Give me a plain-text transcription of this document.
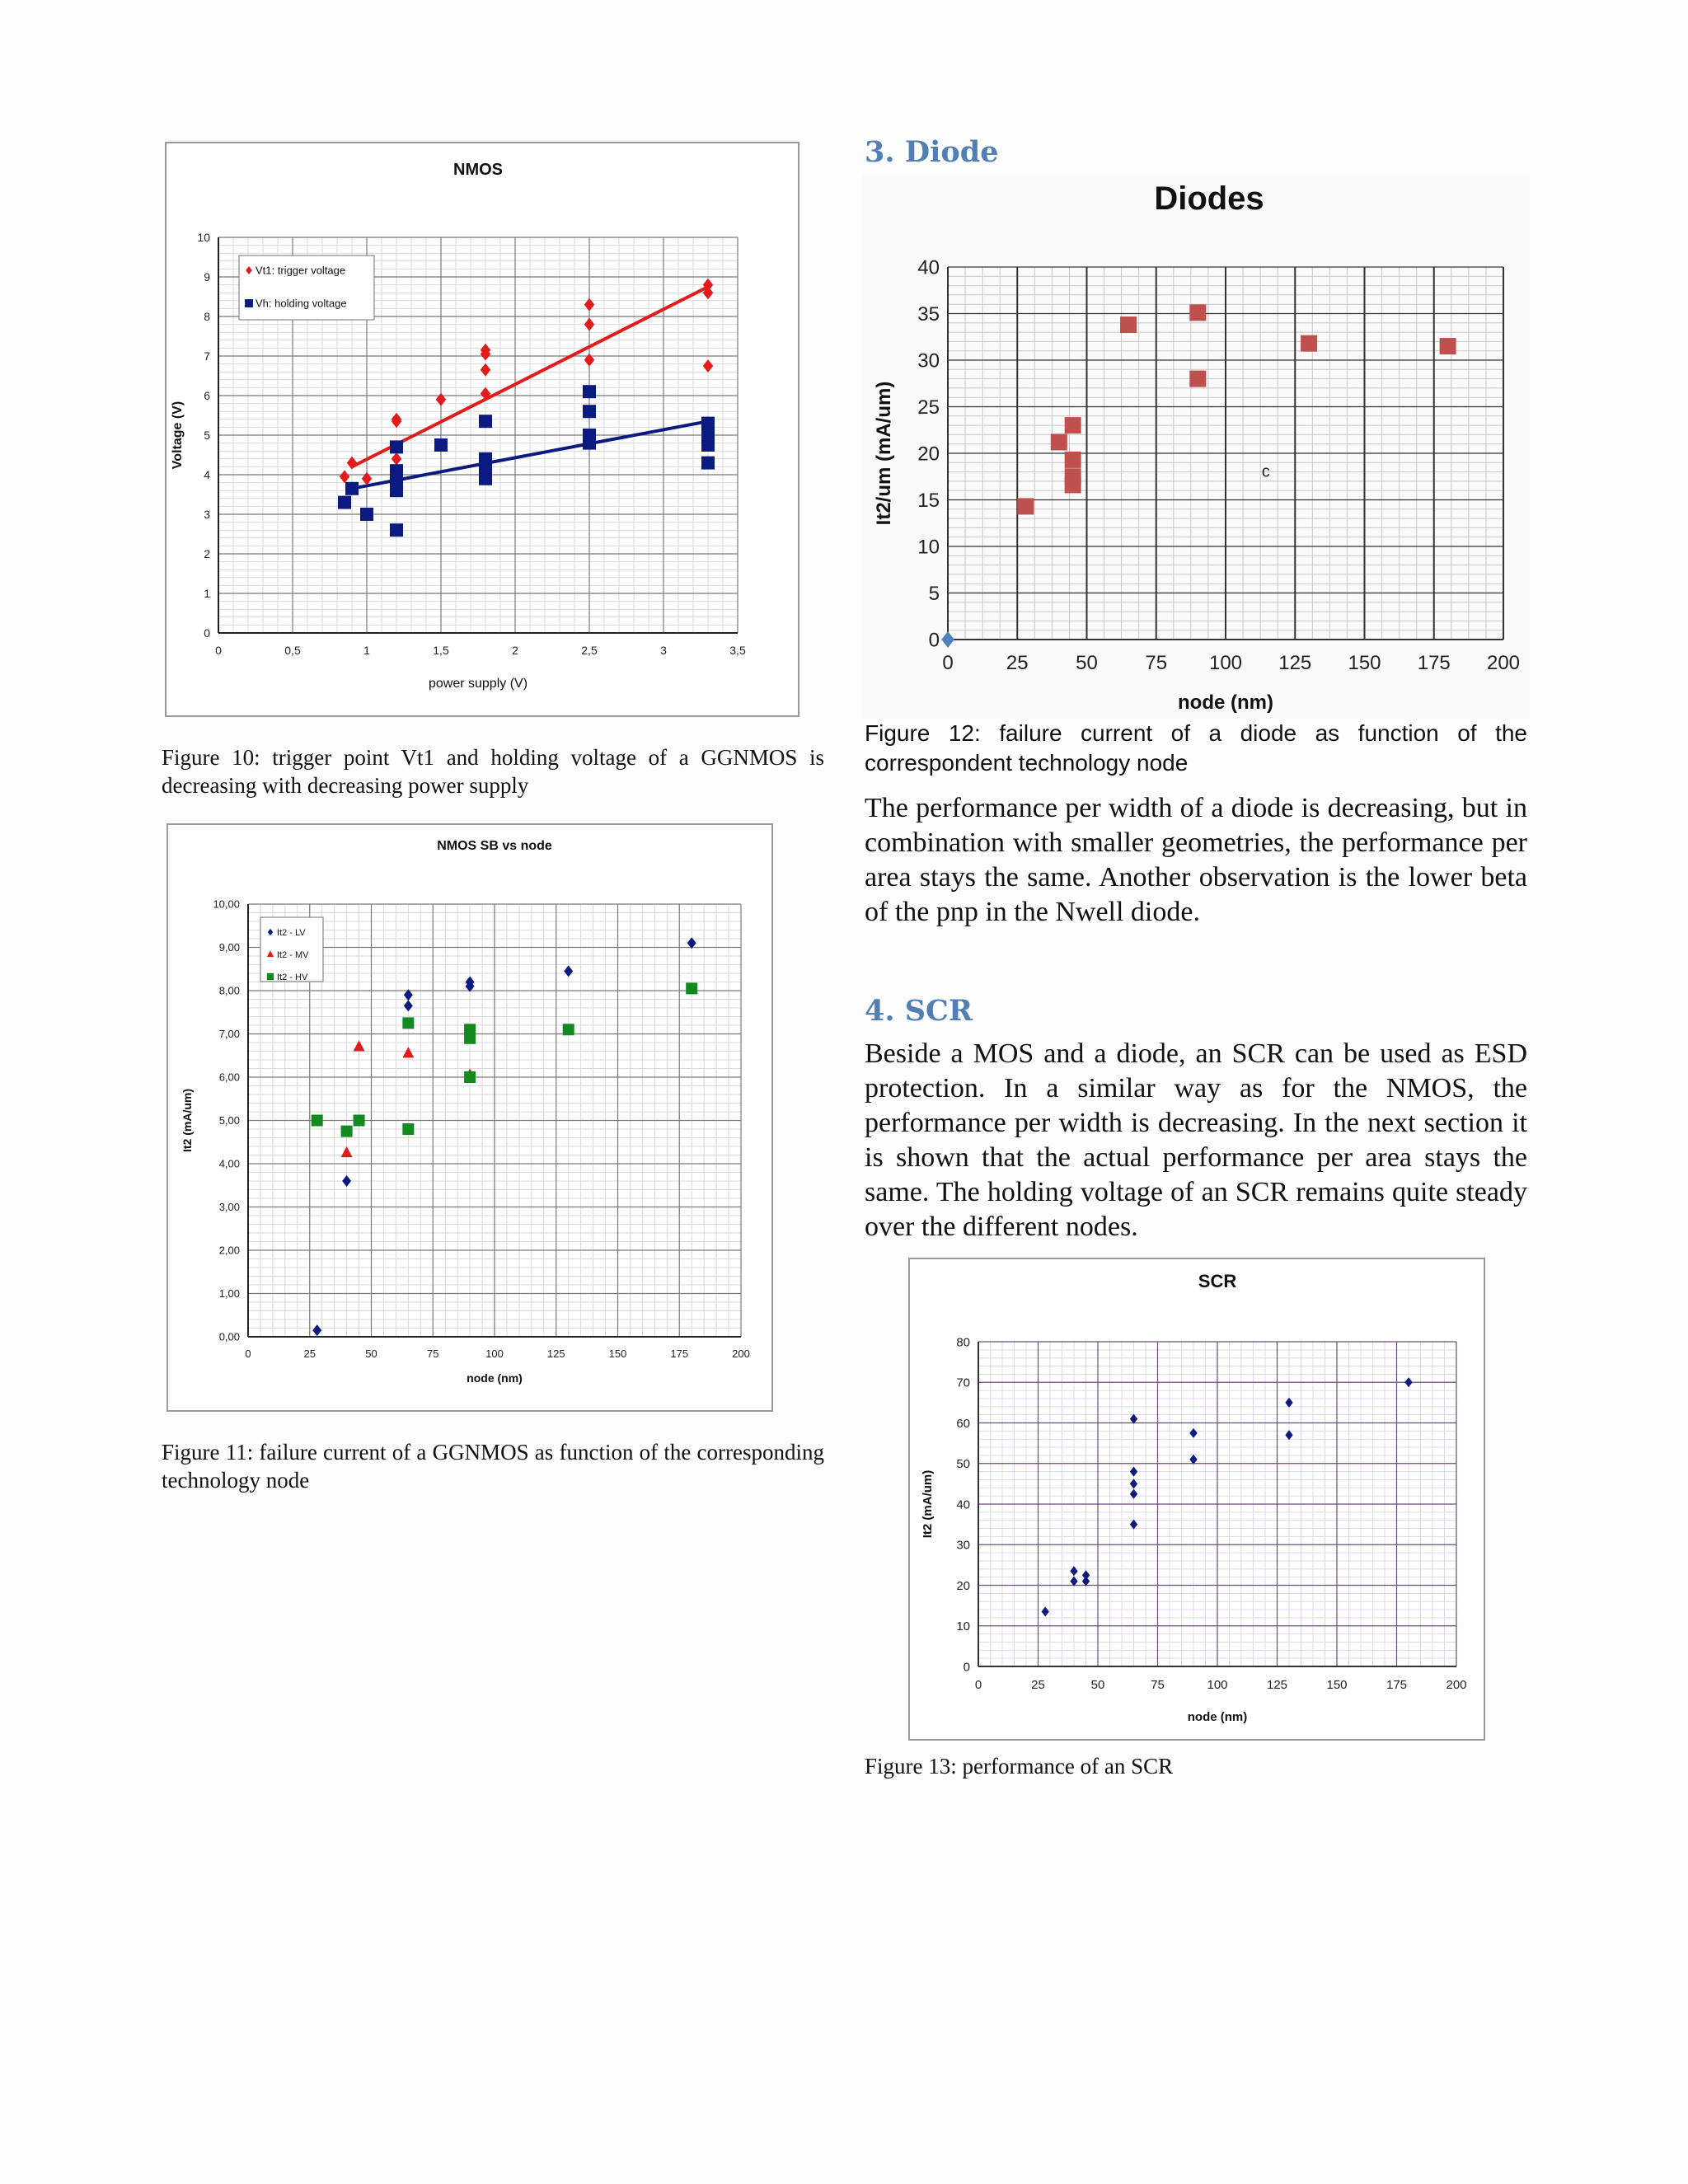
0	0,5	1	1,5	2	2,5	3	3,5
0
1
2
3
4
5
6
7
8
9
10
NMOS
power supply (V)
Voltage (V)
Vt1: trigger voltage
Vh: holding voltage
Figure 10: trigger point Vt1 and holding voltage of a GGNMOS is decreasing with decreasing power supply
0	25	50	75	100	125	150	175	200
0,00
1,00
2,00
3,00
4,00
5,00
6,00
7,00
8,00
9,00
10,00
NMOS SB vs node
node (nm)
It2 (mA/um)
It2 - LV
It2 - MV
It2 - HV
Figure 11: failure current of a GGNMOS as function of the corresponding technology node
3. Diode
0	25 50 75 100 125 150 175 200
0
5
10
15
20
25
30
35
40
Diodes
node (nm)
It2/um (mA/um)	c
Figure 12: failure current of a diode as function of the correspondent technology node
The performance per width of a diode is decreasing, but in combination with smaller geometries, the performance per area stays the same. Another observation is the lower beta of the pnp in the Nwell diode.
4. SCR
Beside a MOS and a diode, an SCR can be used as ESD protection. In a similar way as for the NMOS, the performance per width is decreasing. In the next section it is shown that the actual performance per area stays the same. The holding voltage of an SCR remains quite steady over the different nodes.
0	25	50	75	100	125	150	175	200
0
10
20
30
40
50
60
70
80
SCR
node (nm)
It2 (mA/um)
Figure 13: performance of an SCR
